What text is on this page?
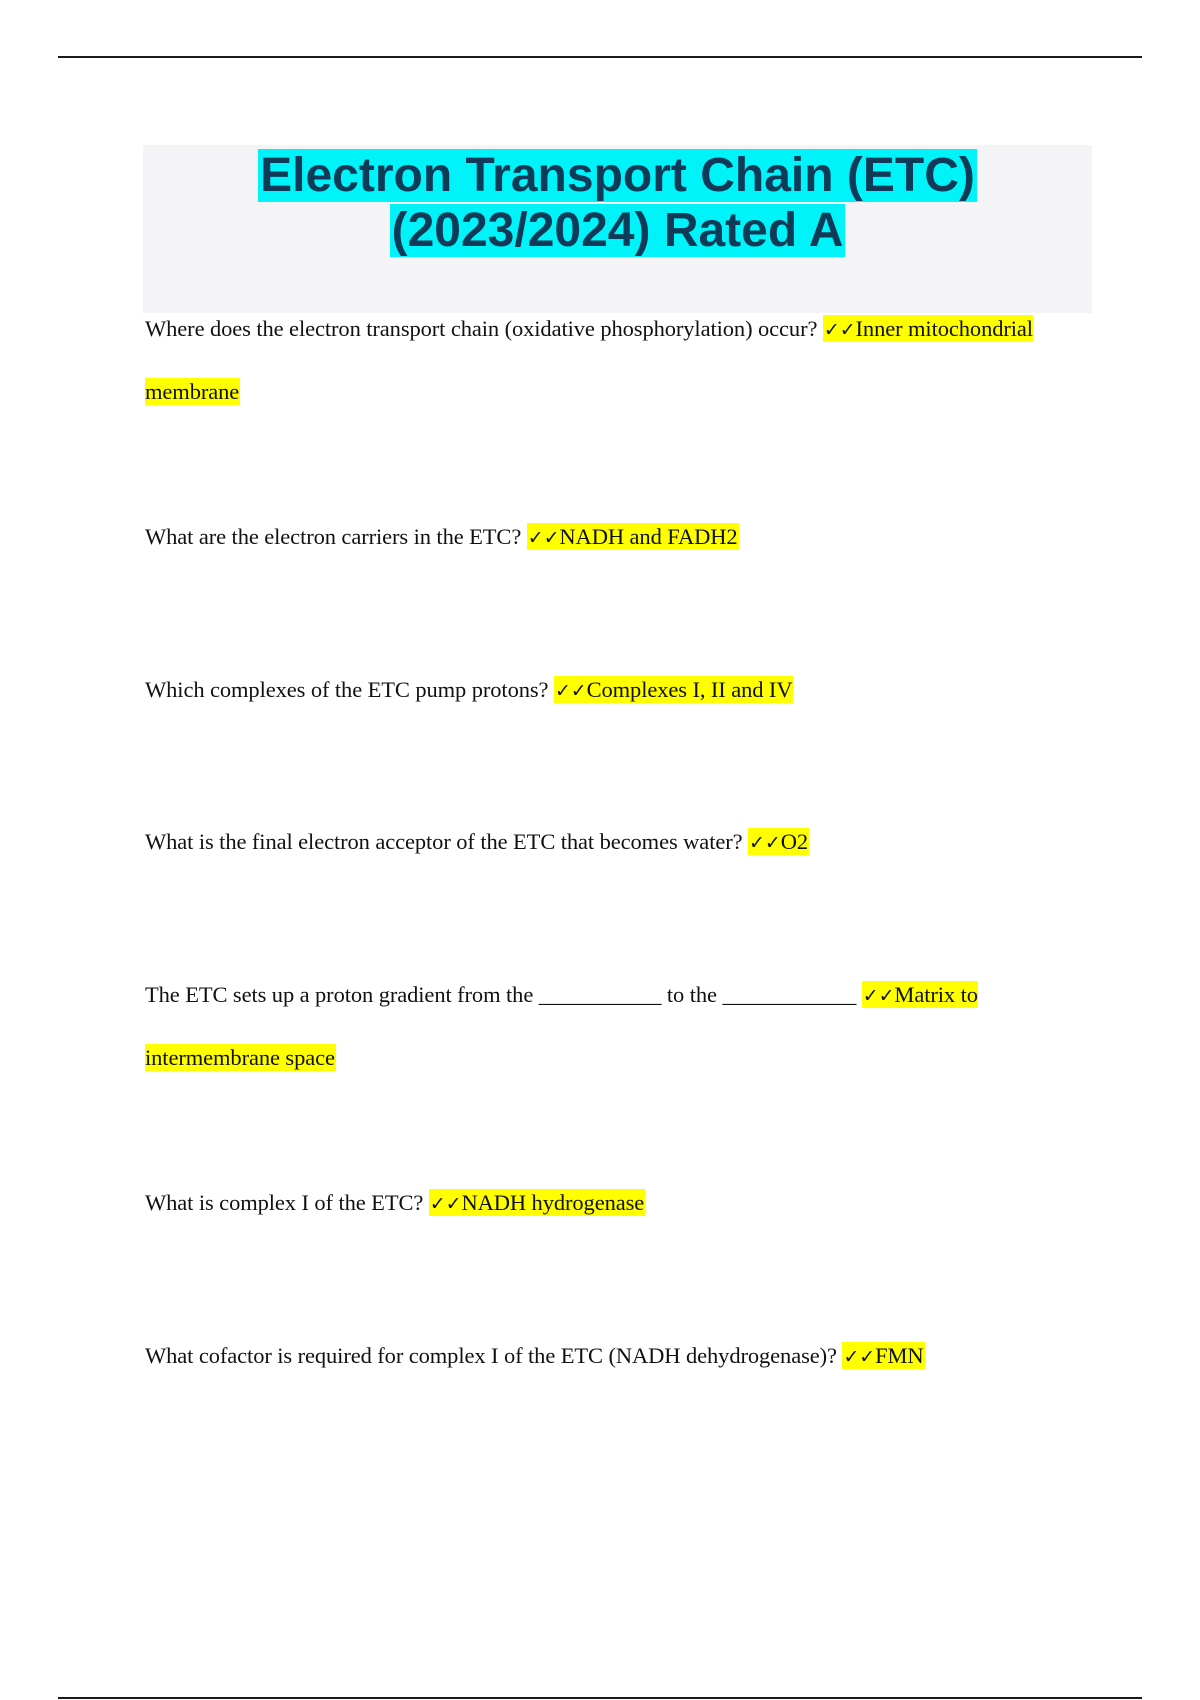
Electron Transport Chain (ETC)
(2023/2024) Rated A
Where does the electron transport chain (oxidative phosphorylation) occur? ✓✓Inner mitochondrial membrane
What are the electron carriers in the ETC? ✓✓NADH and FADH2
Which complexes of the ETC pump protons? ✓✓Complexes I, II and IV
What is the final electron acceptor of the ETC that becomes water? ✓✓O2
The ETC sets up a proton gradient from the ___________ to the ____________ ✓✓Matrix to intermembrane space
What is complex I of the ETC? ✓✓NADH hydrogenase
What cofactor is required for complex I of the ETC (NADH dehydrogenase)? ✓✓FMN
